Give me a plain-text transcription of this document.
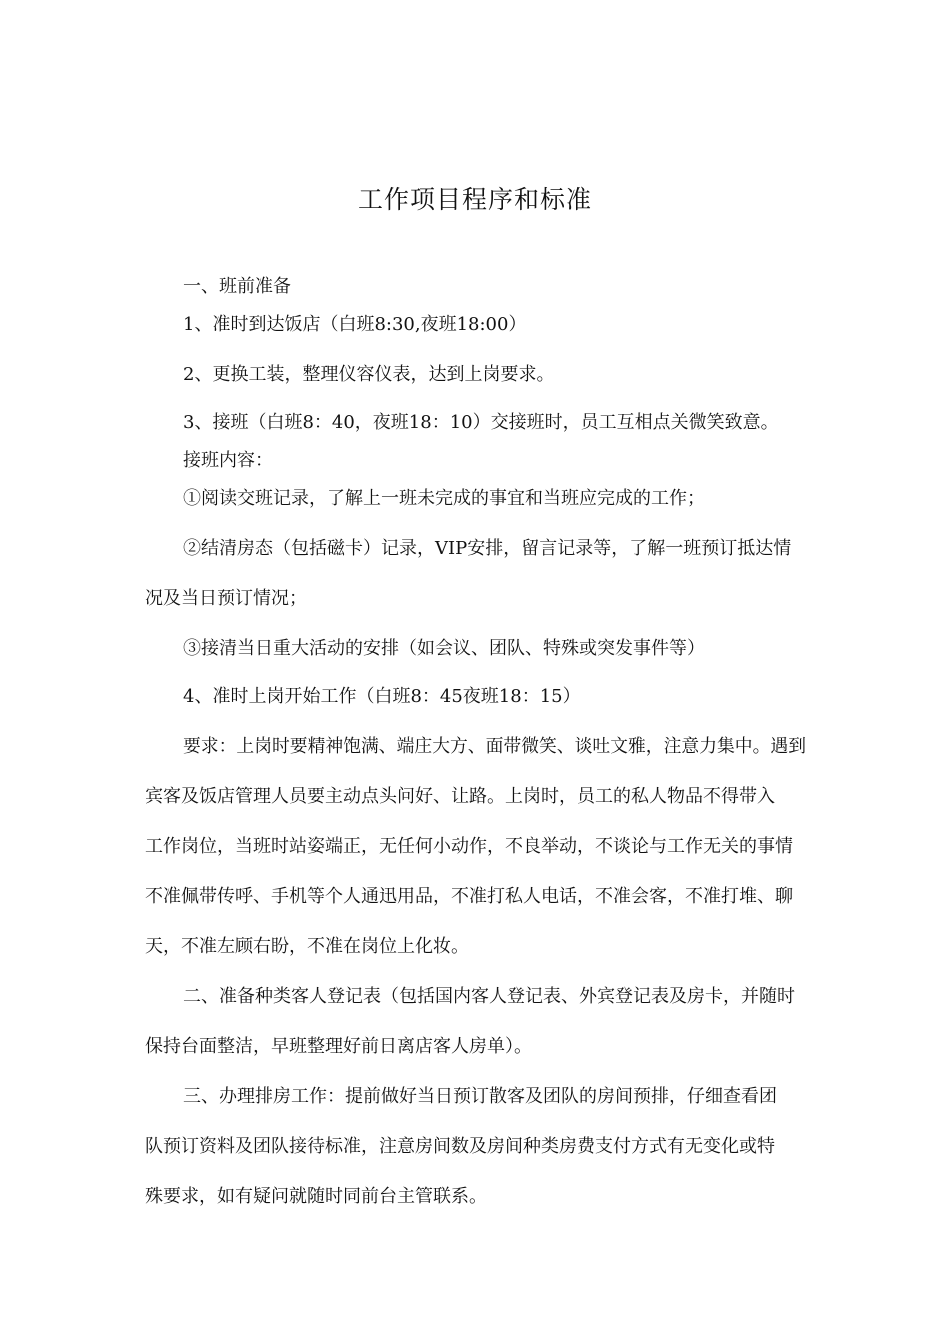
工作项目程序和标准
一、班前准备
1、准时到达饭店（白班8:30,夜班18:00）
2、更换工装，整理仪容仪表，达到上岗要求。
3、接班（白班8：40，夜班18：10）交接班时，员工互相点关微笑致意。
接班内容：
①阅读交班记录，了解上一班未完成的事宜和当班应完成的工作；
②结清房态（包括磁卡）记录，VIP安排，留言记录等，了解一班预订抵达情
况及当日预订情况；
③接清当日重大活动的安排（如会议、团队、特殊或突发事件等）
4、准时上岗开始工作（白班8：45夜班18：15）
要求：上岗时要精神饱满、端庄大方、面带微笑、谈吐文雅，注意力集中。遇到
宾客及饭店管理人员要主动点头问好、让路。上岗时，员工的私人物品不得带入
工作岗位，当班时站姿端正，无任何小动作，不良举动，不谈论与工作无关的事情
不准佩带传呼、手机等个人通迅用品，不准打私人电话，不准会客，不准打堆、聊
天，不准左顾右盼，不准在岗位上化妆。
二、准备种类客人登记表（包括国内客人登记表、外宾登记表及房卡，并随时
保持台面整洁，早班整理好前日离店客人房单）。
三、办理排房工作：提前做好当日预订散客及团队的房间预排，仔细查看团
队预订资料及团队接待标准，注意房间数及房间种类房费支付方式有无变化或特
殊要求，如有疑问就随时同前台主管联系。
